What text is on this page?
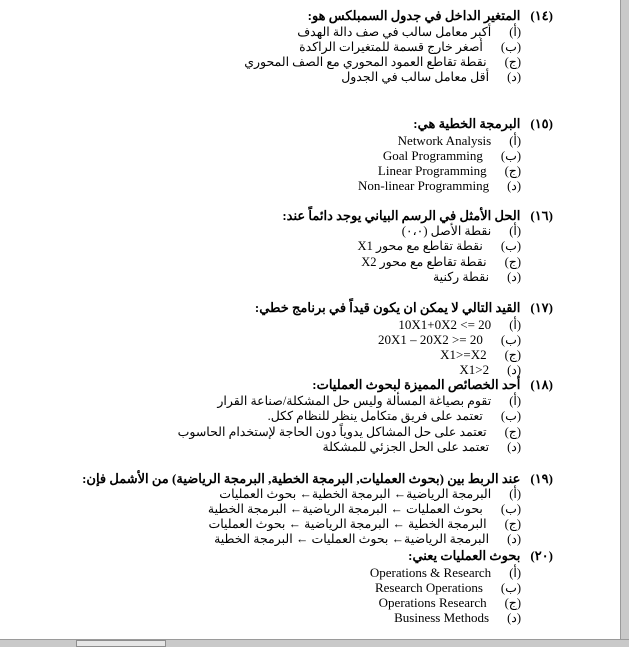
(١٤)المتغير الداخل في جدول السمبلكس هو:
(أ)أكبر معامل سالب في صف دالة الهدف
(ب)أصغر خارج قسمة للمتغيرات الراكدة
(ج)نقطة تقاطع العمود المحوري مع الصف المحوري
(د)أقل معامل سالب في الجدول
(١٥)البرمجة الخطية هي:
(أ)Network Analysis
(ب)Goal Programming
(ج)Linear Programming
(د)Non-linear Programming
(١٦)الحل الأمثل في الرسم البياني يوجد دائماً عند:
(أ)نقطة الأصل (٠،٠)
(ب)نقطة تقاطع مع محور X1
(ج)نقطة تقاطع مع محور X2
(د)نقطة ركنية
(١٧)القيد التالي لا يمكن ان يكون قيداً في برنامج خطي:
(أ)10X1+0X2 <= 20
(ب)20X1 – 20X2 >= 20
(ج)X1>=X2
(د)X1>2
(١٨)أحد الخصائص المميزة لبحوث العمليات:
(أ)تقوم بصياغة المسألة وليس حل المشكلة/صناعة القرار
(ب)تعتمد على فريق متكامل ينظر للنظام ككل.
(ج)تعتمد على حل المشاكل يدوياً دون الحاجة لإستخدام الحاسوب
(د)تعتمد على الحل الجزئي للمشكلة
(١٩)عند الربط بين (بحوث العمليات, البرمجة الخطية, البرمجة الرياضية) من الأشمل فإن:
(أ)البرمجة الرياضية← البرمجة الخطية← بحوث العمليات
(ب)بحوث العمليات ← البرمجة الرياضية← البرمجة الخطية
(ج)البرمجة الخطية ← البرمجة الرياضية ← بحوث العمليات
(د)البرمجة الرياضية← بحوث العمليات ← البرمجة الخطية
(٢٠)بحوث العمليات يعني:
(أ)Operations & Research
(ب)Research Operations
(ج)Operations Research
(د)Business Methods
